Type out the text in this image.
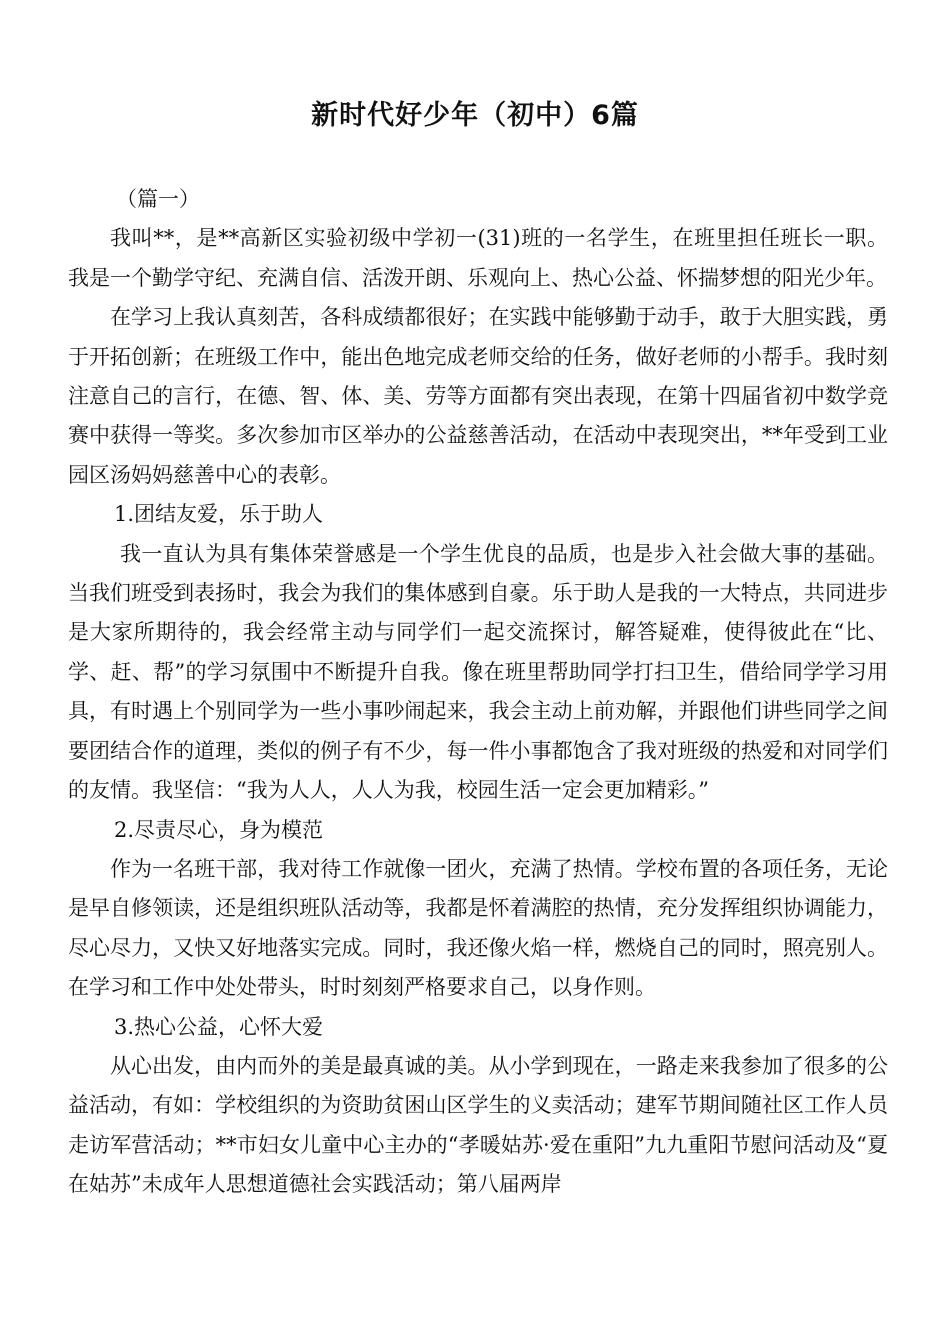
新时代好少年（初中）6篇

（篇一）

我叫**，是**高新区实验初级中学初一(31)班的一名学生，在班里担任班长一职。我是一个勤学守纪、充满自信、活泼开朗、乐观向上、热心公益、怀揣梦想的阳光少年。

在学习上我认真刻苦，各科成绩都很好；在实践中能够勤于动手，敢于大胆实践，勇于开拓创新；在班级工作中，能出色地完成老师交给的任务，做好老师的小帮手。我时刻注意自己的言行，在德、智、体、美、劳等方面都有突出表现，在第十四届省初中数学竞赛中获得一等奖。多次参加市区举办的公益慈善活动，在活动中表现突出，**年受到工业园区汤妈妈慈善中心的表彰。

1.团结友爱，乐于助人

我一直认为具有集体荣誉感是一个学生优良的品质，也是步入社会做大事的基础。当我们班受到表扬时，我会为我们的集体感到自豪。乐于助人是我的一大特点，共同进步是大家所期待的，我会经常主动与同学们一起交流探讨，解答疑难，使得彼此在“比、学、赶、帮”的学习氛围中不断提升自我。像在班里帮助同学打扫卫生，借给同学学习用具，有时遇上个别同学为一些小事吵闹起来，我会主动上前劝解，并跟他们讲些同学之间要团结合作的道理，类似的例子有不少，每一件小事都饱含了我对班级的热爱和对同学们的友情。我坚信：“我为人人，人人为我，校园生活一定会更加精彩。”

2.尽责尽心，身为模范

作为一名班干部，我对待工作就像一团火，充满了热情。学校布置的各项任务，无论是早自修领读，还是组织班队活动等，我都是怀着满腔的热情，充分发挥组织协调能力，尽心尽力，又快又好地落实完成。同时，我还像火焰一样，燃烧自己的同时，照亮别人。在学习和工作中处处带头，时时刻刻严格要求自己，以身作则。

3.热心公益，心怀大爱

从心出发，由内而外的美是最真诚的美。从小学到现在，一路走来我参加了很多的公益活动，有如：学校组织的为资助贫困山区学生的义卖活动；建军节期间随社区工作人员走访军营活动；**市妇女儿童中心主办的“孝暖姑苏·爱在重阳”九九重阳节慰问活动及“夏在姑苏”未成年人思想道德社会实践活动；第八届两岸
